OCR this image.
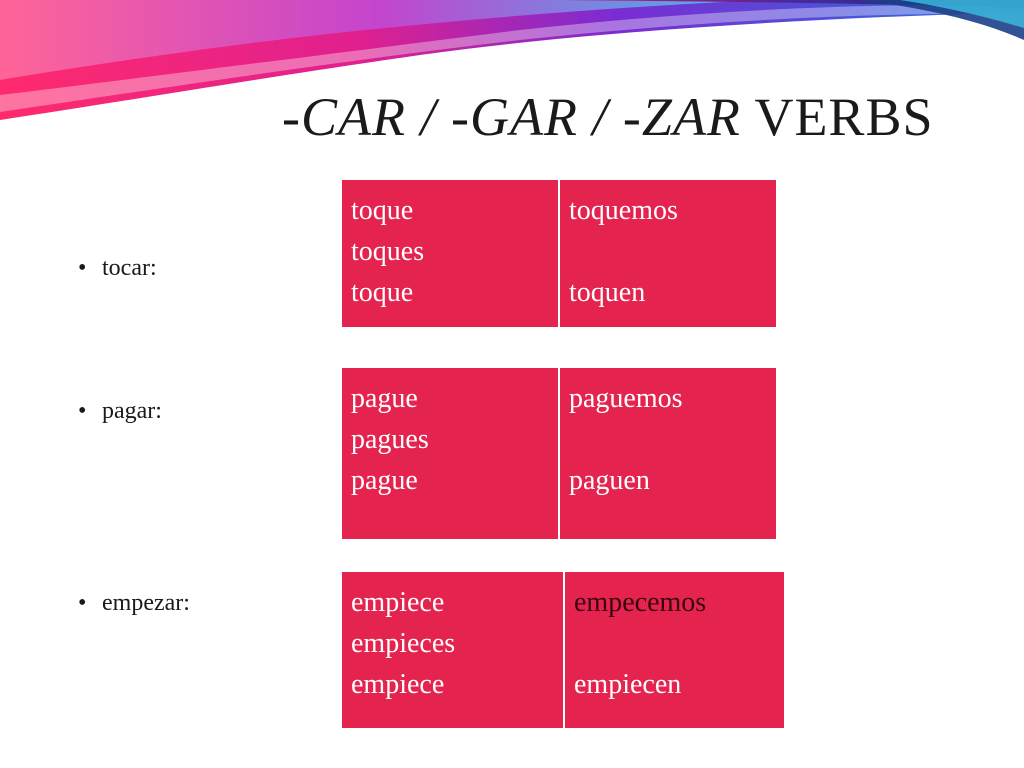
-CAR / -GAR / -ZAR VERBS
• tocar:
toque
toques
toque
toquemos
toquen
• pagar:	pague
pagues
pague
paguemos
paguen
• empezar:	empiece
empieces
empiece
empecemos
empiecen
